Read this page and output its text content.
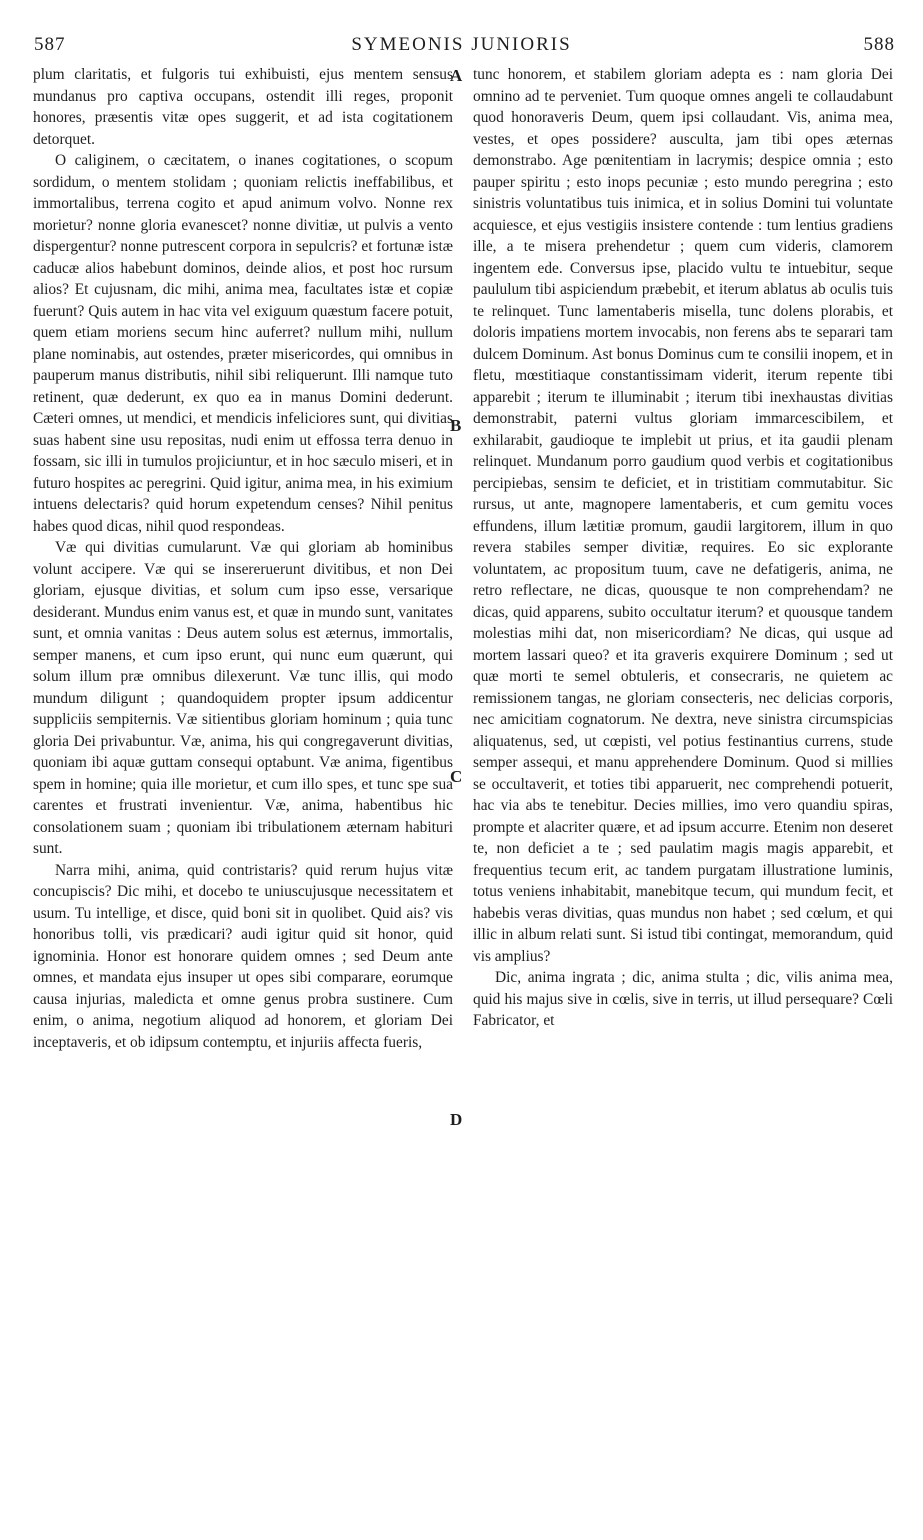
587	SYMEONIS JUNIORIS	588

plum claritatis, et fulgoris tui exhibuisti, ejus mentem sensus mundanus pro captiva occupans, ostendit illi reges, proponit honores, præsentis vitæ opes suggerit, et ad ista cogitationem detorquet.

O caliginem, o cæcitatem, o inanes cogitationes, o scopum sordidum, o mentem stolidam ; quoniam relictis ineffabilibus, et immortalibus, terrena cogito et apud animum volvo. Nonne rex morietur? nonne gloria evanescet? nonne divitiæ, ut pulvis a vento dispergentur? nonne putrescent corpora in sepulcris? et fortunæ istæ caducæ alios habebunt dominos, deinde alios, et post hoc rursum alios? Et cujusnam, dic mihi, anima mea, facultates istæ et copiæ fuerunt? Quis autem in hac vita vel exiguum quæstum facere potuit, quem etiam moriens secum hinc auferret? nullum mihi, nullum plane nominabis, aut ostendes, præter misericordes, qui omnibus in pauperum manus distributis, nihil sibi reliquerunt. Illi namque tuto retinent, quæ dederunt, ex quo ea in manus Domini dederunt. Cæteri omnes, ut mendici, et mendicis infeliciores sunt, qui divitias suas habent sine usu repositas, nudi enim ut effossa terra denuo in fossam, sic illi in tumulos projiciuntur, et in hoc sæculo miseri, et in futuro hospites ac peregrini. Quid igitur, anima mea, in his eximium intuens delectaris? quid horum expetendum censes? Nihil penitus habes quod dicas, nihil quod respondeas.

Væ qui divitias cumularunt. Væ qui gloriam ab hominibus volunt accipere. Væ qui se insereruerunt divitibus, et non Dei gloriam, ejusque divitias, et solum cum ipso esse, versarique desiderant. Mundus enim vanus est, et quæ in mundo sunt, vanitates sunt, et omnia vanitas : Deus autem solus est æternus, immortalis, semper manens, et cum ipso erunt, qui nunc eum quærunt, qui solum illum præ omnibus dilexerunt. Væ tunc illis, qui modo mundum diligunt ; quandoquidem propter ipsum addicentur suppliciis sempiternis. Væ sitientibus gloriam hominum ; quia tunc gloria Dei privabuntur. Væ, anima, his qui congregaverunt divitias, quoniam ibi aquæ guttam consequi optabunt. Væ anima, figentibus spem in homine; quia ille morietur, et cum illo spes, et tunc spe sua carentes et frustrati invenientur. Væ, anima, habentibus hic consolationem suam ; quoniam ibi tribulationem æternam habituri sunt.

Narra mihi, anima, quid contristaris? quid rerum hujus vitæ concupiscis? Dic mihi, et docebo te uniuscujusque necessitatem et usum. Tu intellige, et disce, quid boni sit in quolibet. Quid ais? vis honoribus tolli, vis prædicari? audi igitur quid sit honor, quid ignominia. Honor est honorare quidem omnes ; sed Deum ante omnes, et mandata ejus insuper ut opes sibi comparare, eorumque causa injurias, maledicta et omne genus probra sustinere. Cum enim, o anima, negotium aliquod ad honorem, et gloriam Dei inceptaveris, et ob idipsum contemptu, et injuriis affecta fueris,

A
B
C
D

tunc honorem, et stabilem gloriam adepta es : nam gloria Dei omnino ad te perveniet. Tum quoque omnes angeli te collaudabunt quod honoraveris Deum, quem ipsi collaudant. Vis, anima mea, vestes, et opes possidere? ausculta, jam tibi opes æternas demonstrabo. Age pœnitentiam in lacrymis; despice omnia ; esto pauper spiritu ; esto inops pecuniæ ; esto mundo peregrina ; esto sinistris voluntatibus tuis inimica, et in solius Domini tui voluntate acquiesce, et ejus vestigiis insistere contende : tum lentius gradiens ille, a te misera prehendetur ; quem cum videris, clamorem ingentem ede. Conversus ipse, placido vultu te intuebitur, seque paululum tibi aspiciendum præbebit, et iterum ablatus ab oculis tuis te relinquet. Tunc lamentaberis misella, tunc dolens plorabis, et doloris impatiens mortem invocabis, non ferens abs te separari tam dulcem Dominum. Ast bonus Dominus cum te consilii inopem, et in fletu, mœstitiaque constantissimam viderit, iterum repente tibi apparebit ; iterum te illuminabit ; iterum tibi inexhaustas divitias demonstrabit, paterni vultus gloriam immarcescibilem, et exhilarabit, gaudioque te implebit ut prius, et ita gaudii plenam relinquet. Mundanum porro gaudium quod verbis et cogitationibus percipiebas, sensim te deficiet, et in tristitiam commutabitur. Sic rursus, ut ante, magnopere lamentaberis, et cum gemitu voces effundens, illum lætitiæ promum, gaudii largitorem, illum in quo revera stabiles semper divitiæ, requires. Eo sic explorante voluntatem, ac propositum tuum, cave ne defatigeris, anima, ne retro reflectare, ne dicas, quousque te non comprehendam? ne dicas, quid apparens, subito occultatur iterum? et quousque tandem molestias mihi dat, non misericordiam? Ne dicas, qui usque ad mortem lassari queo? et ita graveris exquirere Dominum ; sed ut quæ morti te semel obtuleris, et consecraris, ne quietem ac remissionem tangas, ne gloriam consecteris, nec delicias corporis, nec amicitiam cognatorum. Ne dextra, neve sinistra circumspicias aliquatenus, sed, ut cœpisti, vel potius festinantius currens, stude semper assequi, et manu apprehendere Dominum. Quod si millies se occultaverit, et toties tibi apparuerit, nec comprehendi potuerit, hac via abs te tenebitur. Decies millies, imo vero quandiu spiras, prompte et alacriter quære, et ad ipsum accurre. Etenim non deseret te, non deficiet a te ; sed paulatim magis magis apparebit, et frequentius tecum erit, ac tandem purgatam illustratione luminis, totus veniens inhabitabit, manebitque tecum, qui mundum fecit, et habebis veras divitias, quas mundus non habet ; sed cœlum, et qui illic in album relati sunt. Si istud tibi contingat, memorandum, quid vis amplius?

Dic, anima ingrata ; dic, anima stulta ; dic, vilis anima mea, quid his majus sive in cœlis, sive in terris, ut illud persequare? Cœli Fabricator, et
